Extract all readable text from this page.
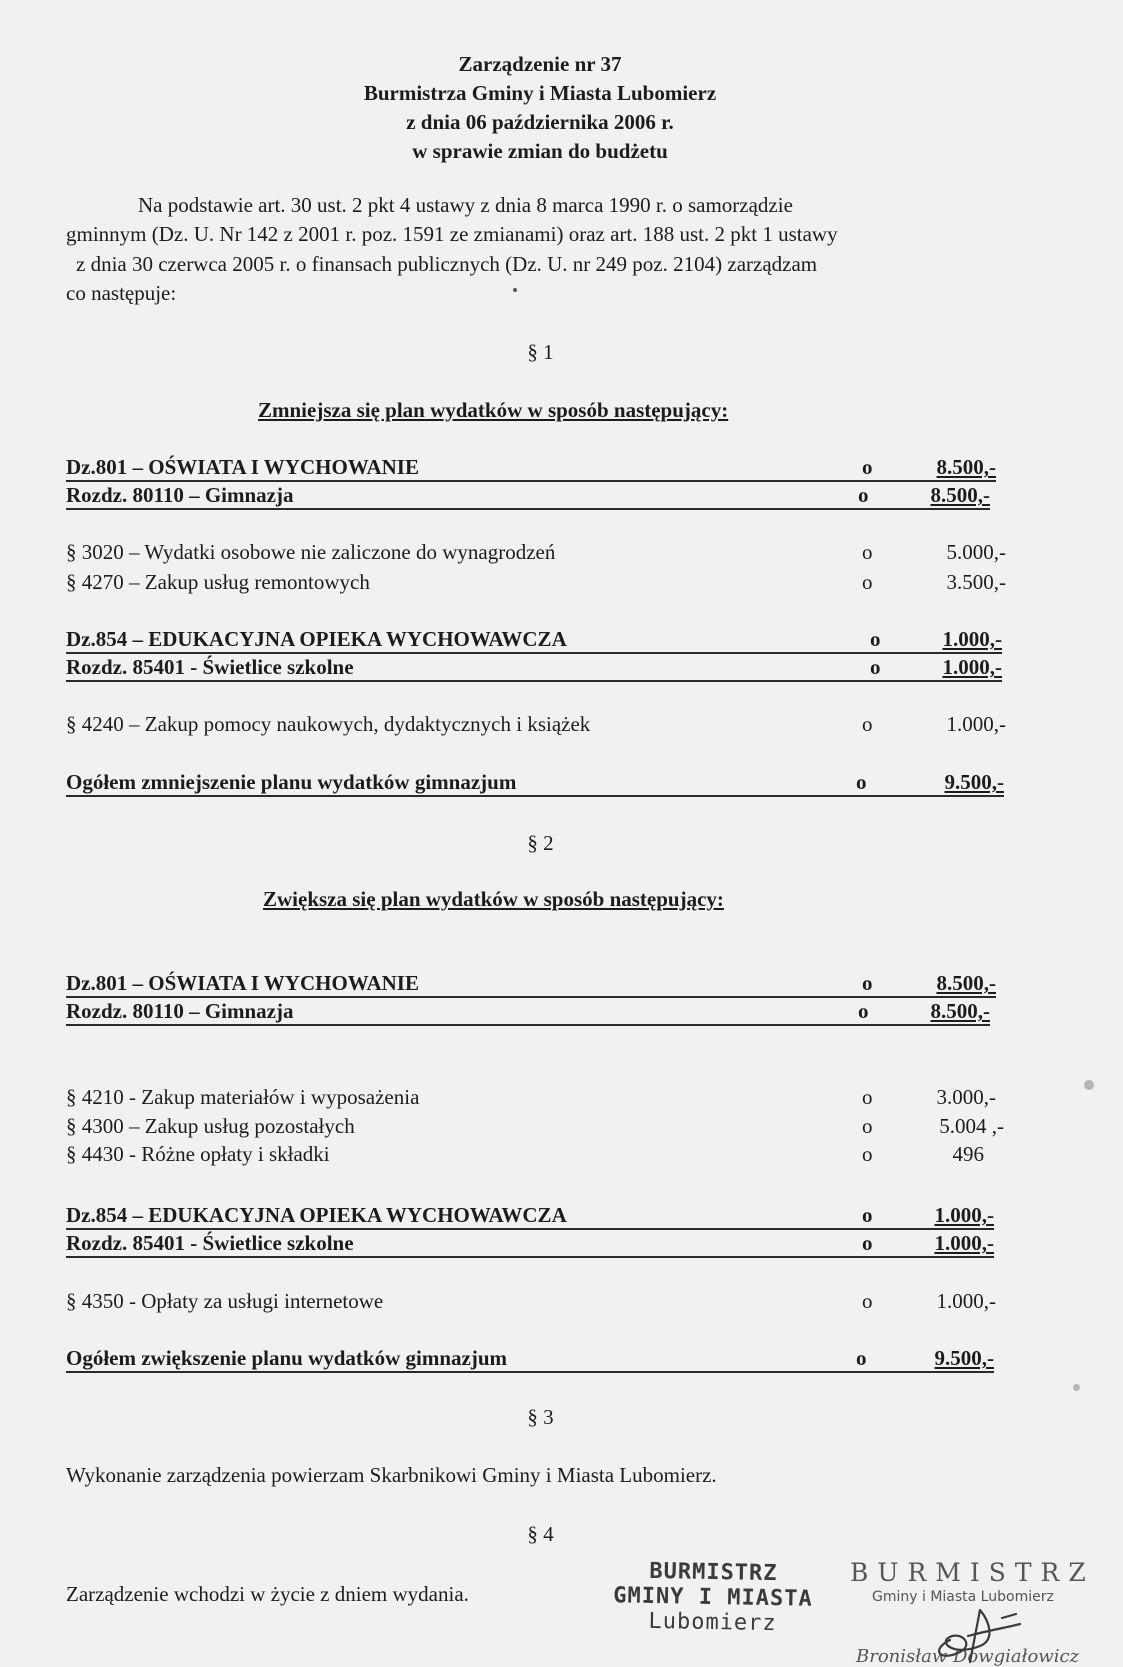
Zarządzenie nr 37
Burmistrza Gminy i Miasta Lubomierz
z dnia 06 października 2006 r.
w sprawie zmian do budżetu
Na podstawie art. 30 ust. 2 pkt 4 ustawy z dnia 8 marca 1990 r. o samorządzie
gminnym (Dz. U. Nr 142 z 2001 r. poz. 1591 ze zmianami) oraz art. 188 ust. 2 pkt 1 ustawy
z dnia 30 czerwca 2005 r. o finansach publicznych (Dz. U. nr 249 poz. 2104) zarządzam
co następuje:
§ 1
Zmniejsza się plan wydatków w sposób następujący:
Dz.801 – OŚWIATA I WYCHOWANIE	o	8.500,-
Rozdz. 80110 – Gimnazja	o	8.500,-
§ 3020 – Wydatki osobowe nie zaliczone do wynagrodzeń	o	5.000,-
§ 4270 – Zakup usług remontowych	o	3.500,-
Dz.854 – EDUKACYJNA OPIEKA WYCHOWAWCZA	o	1.000,-
Rozdz. 85401 - Świetlice szkolne	o	1.000,-
§ 4240 – Zakup pomocy naukowych, dydaktycznych i książek	o	1.000,-
Ogółem zmniejszenie planu wydatków gimnazjum	o	9.500,-
§ 2
Zwiększa się plan wydatków w sposób następujący:
Dz.801 – OŚWIATA I WYCHOWANIE	o	8.500,-
Rozdz. 80110 – Gimnazja	o	8.500,-
§ 4210 - Zakup materiałów i wyposażenia	o	3.000,-
§ 4300 – Zakup usług pozostałych	o	5.004 ,-
§ 4430 - Różne opłaty i składki	o	496
Dz.854 – EDUKACYJNA OPIEKA WYCHOWAWCZA	o	1.000,-
Rozdz. 85401 - Świetlice szkolne	o	1.000,-
§ 4350 - Opłaty za usługi internetowe	o	1.000,-
Ogółem zwiększenie planu wydatków gimnazjum	o	9.500,-
§ 3
Wykonanie zarządzenia powierzam Skarbnikowi Gminy i Miasta Lubomierz.
§ 4
Zarządzenie wchodzi w życie z dniem wydania.
BURMISTRZ
GMINY I MIASTA
Lubomierz
BURMISTRZ
Gminy i Miasta Lubomierz
Bronisław Dowgiałowicz
